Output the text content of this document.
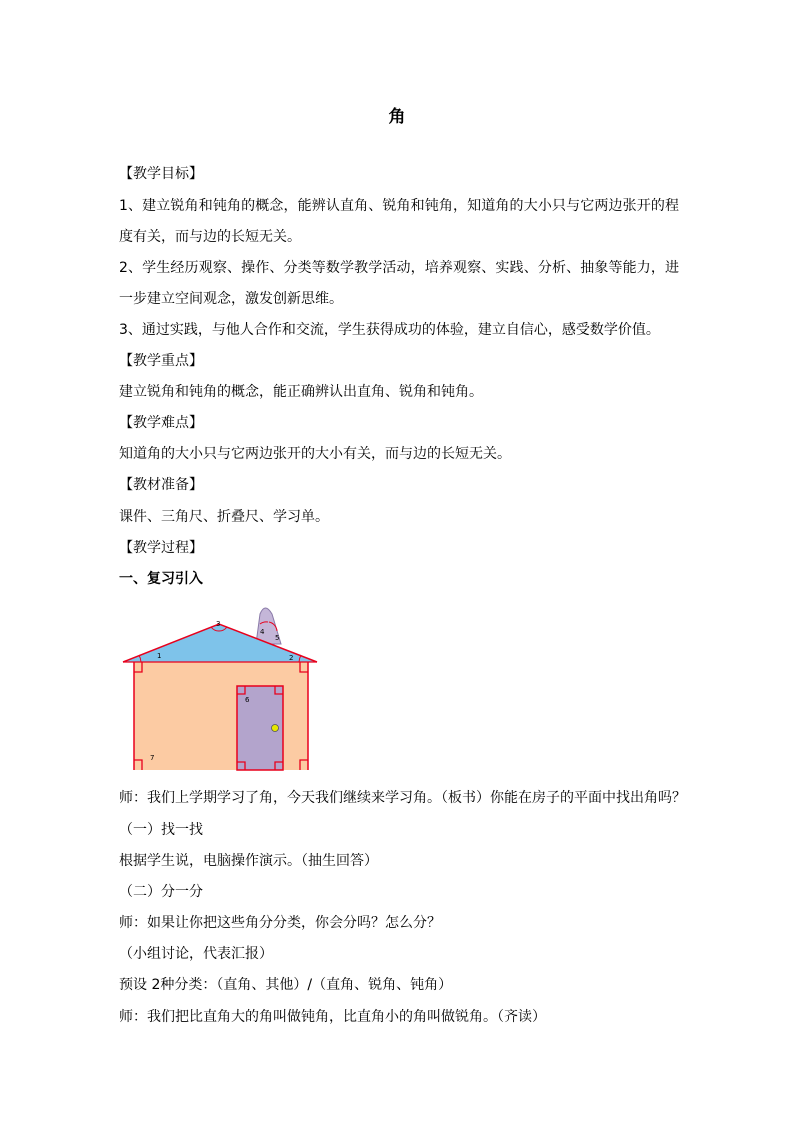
角
【教学目标】
1、建立锐角和钝角的概念，能辨认直角、锐角和钝角，知道角的大小只与它两边张开的程
度有关，而与边的长短无关。
2、学生经历观察、操作、分类等数学教学活动，培养观察、实践、分析、抽象等能力，进
一步建立空间观念，激发创新思维。
3、通过实践，与他人合作和交流，学生获得成功的体验，建立自信心，感受数学价值。
【教学重点】
建立锐角和钝角的概念，能正确辨认出直角、锐角和钝角。
【教学难点】
知道角的大小只与它两边张开的大小有关，而与边的长短无关。
【教材准备】
课件、三角尺、折叠尺、学习单。
【教学过程】
一、复习引入
1	2
3
4
5
6
7
师：我们上学期学习了角，今天我们继续来学习角。（板书）你能在房子的平面中找出角吗？
（一）找一找
根据学生说，电脑操作演示。（抽生回答）
（二）分一分
师：如果让你把这些角分分类，你会分吗？怎么分？
（小组讨论，代表汇报）
预设 2种分类：（直角、其他）/（直角、锐角、钝角）
师：我们把比直角大的角叫做钝角，比直角小的角叫做锐角。（齐读）
